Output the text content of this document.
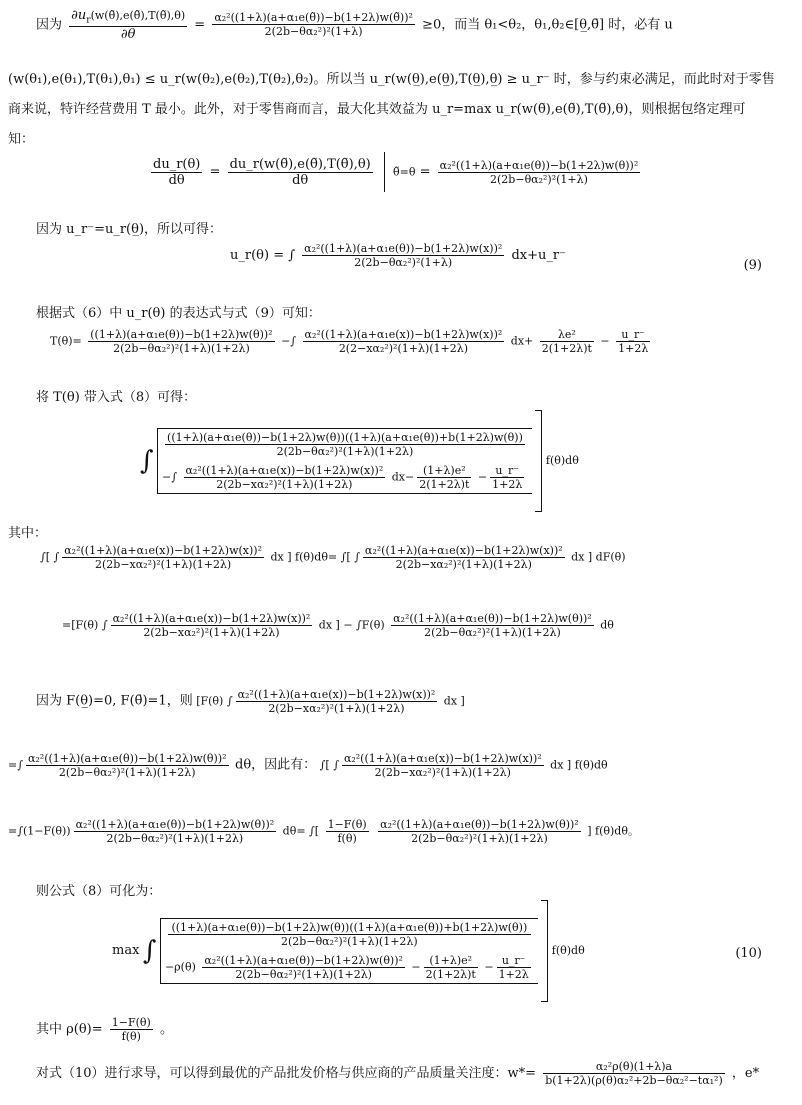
因为 $\frac{\partial u_r(w(\thetã),e(\thetã),T(\thetã),\theta)}{\partial\theta} = \frac{\text{α₂²((1+λ)(a+α₁e(θ̃))−b(1+2λ)w(θ̃))²}}{\text{2(2b−θα₂²)²(1+λ)}} \ge 0$，而当 θ₁<θ₂，θ₁,θ₂∈[θ̲,θ̄] 时，必有 u
(w(θ₁),e(θ₁),T(θ₁),θ₁) ≤ u_r(w(θ₂),e(θ₂),T(θ₂),θ₂)。所以当 u_r(w(θ̲),e(θ̲),T(θ̲),θ̲) ≥ u_r⁻ 时，参与约束必满足，而此时对于零售
商来说，特许经营费用 T 最小。此外，对于零售商而言，最大化其效益为 u_r=max u_r(w(θ̃),e(θ̃),T(θ̃),θ)，则根据包络定理可
知：
$\frac{du\_r(\theta)}{d\theta} = \frac{du\_r(w(\thetã),e(\thetã),T(\thetã),\theta)}{d\theta}$ θ̃=θ = $\frac{\text{α₂²((1+λ)(a+α₁e(θ))−b(1+2λ)w(θ))²}}{\text{2(2b−θα₂²)²(1+λ)}}$
因为 u_r⁻=u_r(θ̲)，所以可得：
u_r(θ) = ∫ $\frac{\text{α₂²((1+λ)(a+α₁e(θ))−b(1+2λ)w(x))²}}{\text{2(2b−θα₂²)²(1+λ)}}$ dx+u_r⁻
(9)
根据式（6）中 u_r(θ) 的表达式与式（9）可知：
$T(\theta)= \frac{\text{((1+λ)(a+α₁e(θ))−b(1+2λ)w(θ))²}}{\text{2(2b−θα₂²)²(1+λ)(1+2λ)}}$ −∫ $\frac{\text{α₂²((1+λ)(a+α₁e(x))−b(1+2λ)w(x))²}}{\text{2(2−xα₂²)²(1+λ)(1+2λ)}} dx+ \frac{\text{λe²}}{2(1+2\lambda)t} - \frac{u\_r^-}{1+2\lambda}$
将 T(θ) 带入式（8）可得：
∫
((1+λ)(a+α₁e(θ))−b(1+2λ)w(θ))((1+λ)(a+α₁e(θ))+b(1+2λ)w(θ))
2(2b−θα₂²)²(1+λ)(1+2λ)
−∫ $\frac{\text{α₂²((1+λ)(a+α₁e(x))−b(1+2λ)w(x))²}}{\text{2(2b−xα₂²)²(1+λ)(1+2λ)}} dx- \frac{\text{(1+λ)e²}}{2(1+2\lambda)t} - \frac{u\_r^-}{1+2\lambda}$
f(θ)dθ
其中：
∫[ ∫ $\frac{\text{α₂²((1+λ)(a+α₁e(x))−b(1+2λ)w(x))²}}{\text{2(2b−xα₂²)²(1+λ)(1+2λ)}}$ dx ] f(θ)dθ= ∫[ ∫ $\frac{\text{α₂²((1+λ)(a+α₁e(x))−b(1+2λ)w(x))²}}{\text{2(2b−xα₂²)²(1+λ)(1+2λ)}}$ dx ] dF(θ)
=[F(θ) ∫ $\frac{\text{α₂²((1+λ)(a+α₁e(x))−b(1+2λ)w(x))²}}{\text{2(2b−xα₂²)²(1+λ)(1+2λ)}}$ dx ] − $\int F(\theta) \frac{\text{α₂²((1+λ)(a+α₁e(θ))−b(1+2λ)w(θ))²}}{\text{2(2b−θα₂²)²(1+λ)(1+2λ)}}$ dθ
因为 F(θ̲)=0, F(θ̄)=1，则 [F(θ) ∫ $\frac{\text{α₂²((1+λ)(a+α₁e(x))−b(1+2λ)w(x))²}}{\text{2(2b−xα₂²)²(1+λ)(1+2λ)}}$ dx ]
=∫ $\frac{\text{α₂²((1+λ)(a+α₁e(θ))−b(1+2λ)w(θ))²}}{\text{2(2b−θα₂²)²(1+λ)(1+2λ)}}$ dθ，因此有： ∫[ ∫ $\frac{\text{α₂²((1+λ)(a+α₁e(x))−b(1+2λ)w(x))²}}{\text{2(2b−xα₂²)²(1+λ)(1+2λ)}}$ dx ] f(θ)dθ
$=\int(1-F(\theta)) \frac{\text{α₂²((1+λ)(a+α₁e(θ))−b(1+2λ)w(θ))²}}{\text{2(2b−θα₂²)²(1+λ)(1+2λ)}} d\theta=$ ∫[ $\frac{1-F(\theta)}{f(\theta)}$
$\frac{\text{α₂²((1+λ)(a+α₁e(θ))−b(1+2λ)w(θ))²}}{\text{2(2b−θα₂²)²(1+λ)(1+2λ)}}$ ] f(θ)dθ。
则公式（8）可化为：
max ∫
((1+λ)(a+α₁e(θ))−b(1+2λ)w(θ))((1+λ)(a+α₁e(θ))+b(1+2λ)w(θ))
2(2b−θα₂²)²(1+λ)(1+2λ)
$-\rho(\theta) \frac{\text{α₂²((1+λ)(a+α₁e(θ))−b(1+2λ)w(θ))²}}{\text{2(2b−θα₂²)²(1+λ)(1+2λ)}} - \frac{\text{(1+λ)e²}}{2(1+2\lambda)t} - \frac{u\_r^-}{1+2\lambda}$
f(θ)dθ	(10)
其中 $\rho(\theta)= \frac{1-F(\theta)}{f(\theta)}$ 。
对式（10）进行求导，可以得到最优的产品批发价格与供应商的产品质量关注度：$w*= \frac{\text{α₂²ρ(θ)(1+λ)a}}{\text{b(1+2λ)(ρ(θ)α₂²+2b−θα₂²−tα₁²)}}$ ，e*
